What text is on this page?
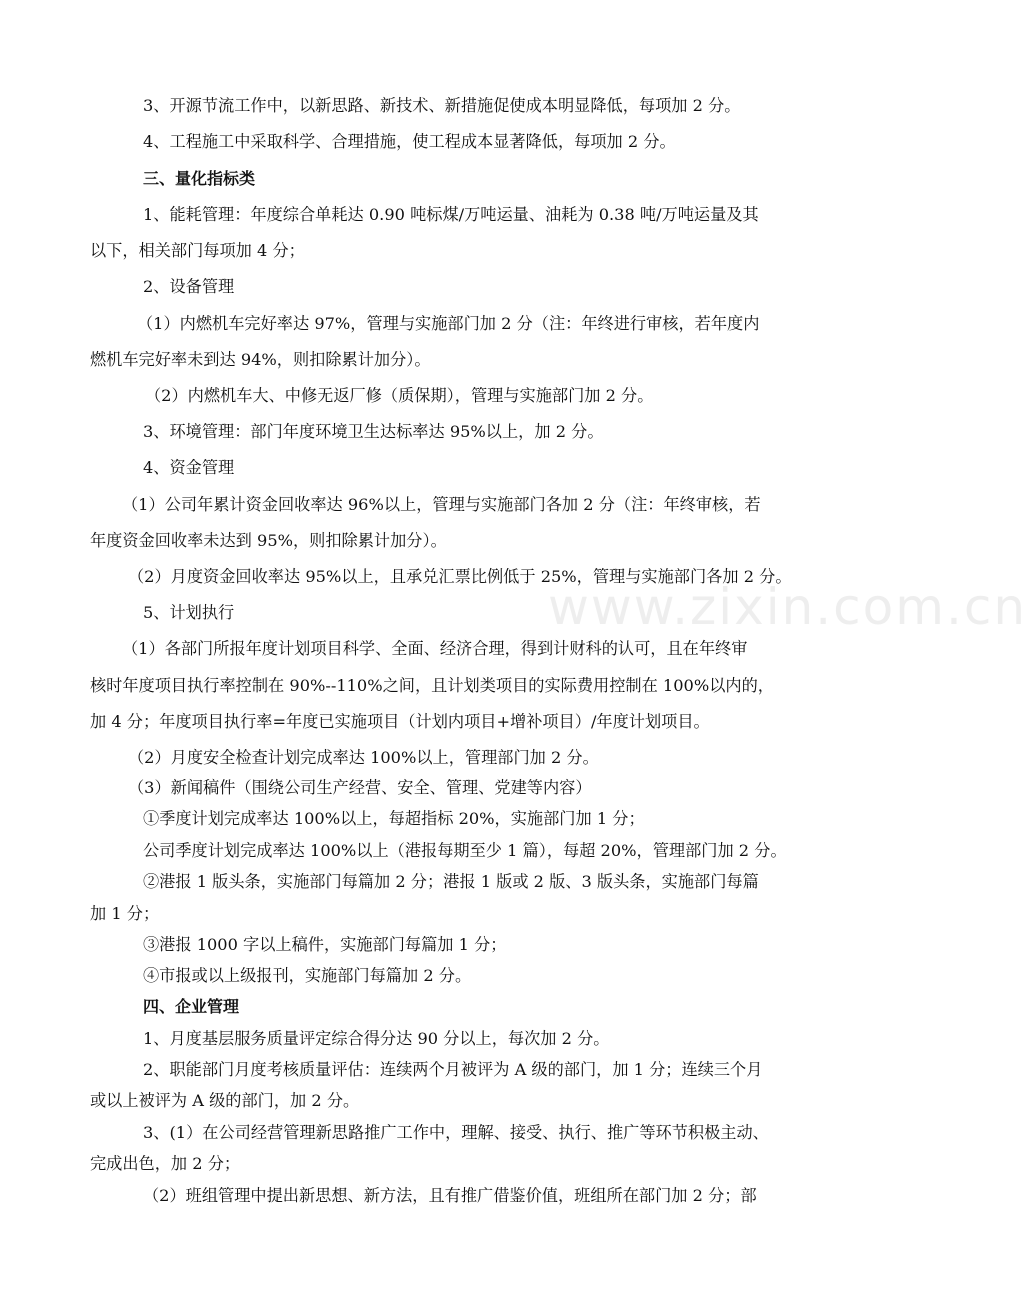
www.zixin.com.cn
3、开源节流工作中，以新思路、新技术、新措施促使成本明显降低，每项加 2 分。
4、工程施工中采取科学、合理措施，使工程成本显著降低，每项加 2 分。
三、量化指标类
1、能耗管理：年度综合单耗达 0.90 吨标煤/万吨运量、油耗为 0.38 吨/万吨运量及其
以下，相关部门每项加 4 分；
2、设备管理
（1）内燃机车完好率达 97%，管理与实施部门加 2 分（注：年终进行审核，若年度内
燃机车完好率未到达 94%，则扣除累计加分）。
（2）内燃机车大、中修无返厂修（质保期），管理与实施部门加 2 分。
3、环境管理：部门年度环境卫生达标率达 95%以上，加 2 分。
4、资金管理
（1）公司年累计资金回收率达 96%以上，管理与实施部门各加 2 分（注：年终审核，若
年度资金回收率未达到 95%，则扣除累计加分）。
（2）月度资金回收率达 95%以上，且承兑汇票比例低于 25%，管理与实施部门各加 2 分。
5、计划执行
（1）各部门所报年度计划项目科学、全面、经济合理，得到计财科的认可，且在年终审
核时年度项目执行率控制在 90%--110%之间，且计划类项目的实际费用控制在 100%以内的，
加 4 分；年度项目执行率=年度已实施项目（计划内项目+增补项目）/年度计划项目。
（2）月度安全检查计划完成率达 100%以上，管理部门加 2 分。
（3）新闻稿件（围绕公司生产经营、安全、管理、党建等内容）
①季度计划完成率达 100%以上，每超指标 20%，实施部门加 1 分；
公司季度计划完成率达 100%以上（港报每期至少 1 篇），每超 20%，管理部门加 2 分。
②港报 1 版头条，实施部门每篇加 2 分；港报 1 版或 2 版、3 版头条，实施部门每篇
加 1 分；
③港报 1000 字以上稿件，实施部门每篇加 1 分；
④市报或以上级报刊，实施部门每篇加 2 分。
四、企业管理
1、月度基层服务质量评定综合得分达 90 分以上，每次加 2 分。
2、职能部门月度考核质量评估：连续两个月被评为 A 级的部门，加 1 分；连续三个月
或以上被评为 A 级的部门，加 2 分。
3、(1）在公司经营管理新思路推广工作中，理解、接受、执行、推广等环节积极主动、
完成出色，加 2 分；
（2）班组管理中提出新思想、新方法，且有推广借鉴价值，班组所在部门加 2 分；部
